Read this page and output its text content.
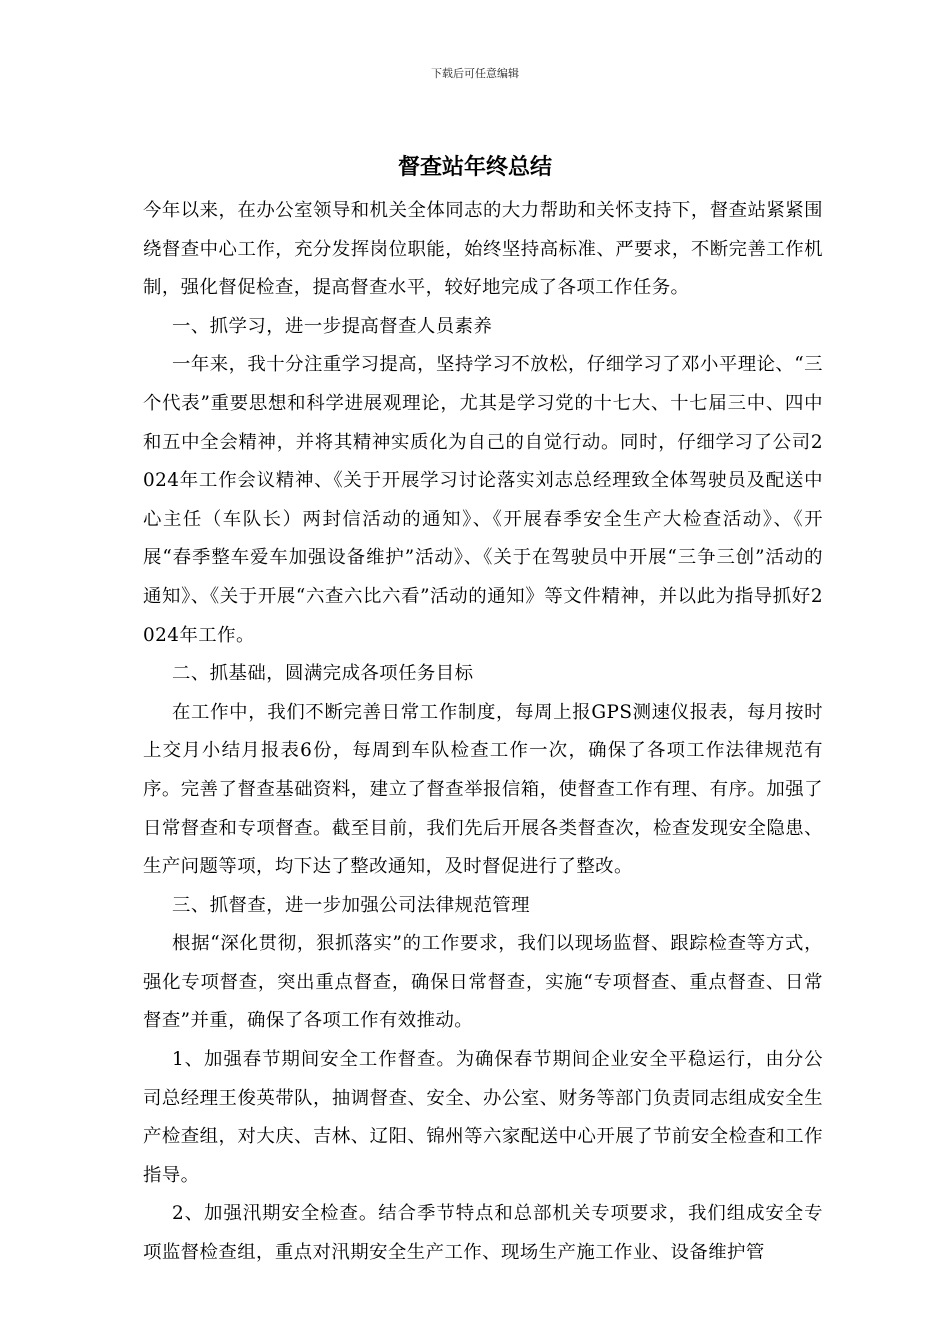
下载后可任意编辑
督查站年终总结

今年以来，在办公室领导和机关全体同志的大力帮助和关怀支持下，督查站紧紧围绕督查中心工作，充分发挥岗位职能，始终坚持高标准、严要求，不断完善工作机制，强化督促检查，提高督查水平，较好地完成了各项工作任务。

一、抓学习，进一步提高督查人员素养

一年来，我十分注重学习提高，坚持学习不放松，仔细学习了邓小平理论、“三个代表”重要思想和科学进展观理论，尤其是学习党的十七大、十七届三中、四中和五中全会精神，并将其精神实质化为自己的自觉行动。同时，仔细学习了公司2024年工作会议精神、《关于开展学习讨论落实刘志总经理致全体驾驶员及配送中心主任（车队长）两封信活动的通知》、《开展春季安全生产大检查活动》、《开展“春季整车爱车加强设备维护”活动》、《关于在驾驶员中开展“三争三创”活动的通知》、《关于开展“六查六比六看”活动的通知》等文件精神，并以此为指导抓好2024年工作。

二、抓基础，圆满完成各项任务目标

在工作中，我们不断完善日常工作制度，每周上报GPS测速仪报表，每月按时上交月小结月报表6份，每周到车队检查工作一次，确保了各项工作法律规范有序。完善了督查基础资料，建立了督查举报信箱，使督查工作有理、有序。加强了日常督查和专项督查。截至目前，我们先后开展各类督查次，检查发现安全隐患、生产问题等项，均下达了整改通知，及时督促进行了整改。

三、抓督查，进一步加强公司法律规范管理

根据“深化贯彻，狠抓落实”的工作要求，我们以现场监督、跟踪检查等方式，强化专项督查，突出重点督查，确保日常督查，实施“专项督查、重点督查、日常督查”并重，确保了各项工作有效推动。

1、加强春节期间安全工作督查。为确保春节期间企业安全平稳运行，由分公司总经理王俊英带队，抽调督查、安全、办公室、财务等部门负责同志组成安全生产检查组，对大庆、吉林、辽阳、锦州等六家配送中心开展了节前安全检查和工作指导。

2、加强汛期安全检查。结合季节特点和总部机关专项要求，我们组成安全专项监督检查组，重点对汛期安全生产工作、现场生产施工作业、设备维护管
